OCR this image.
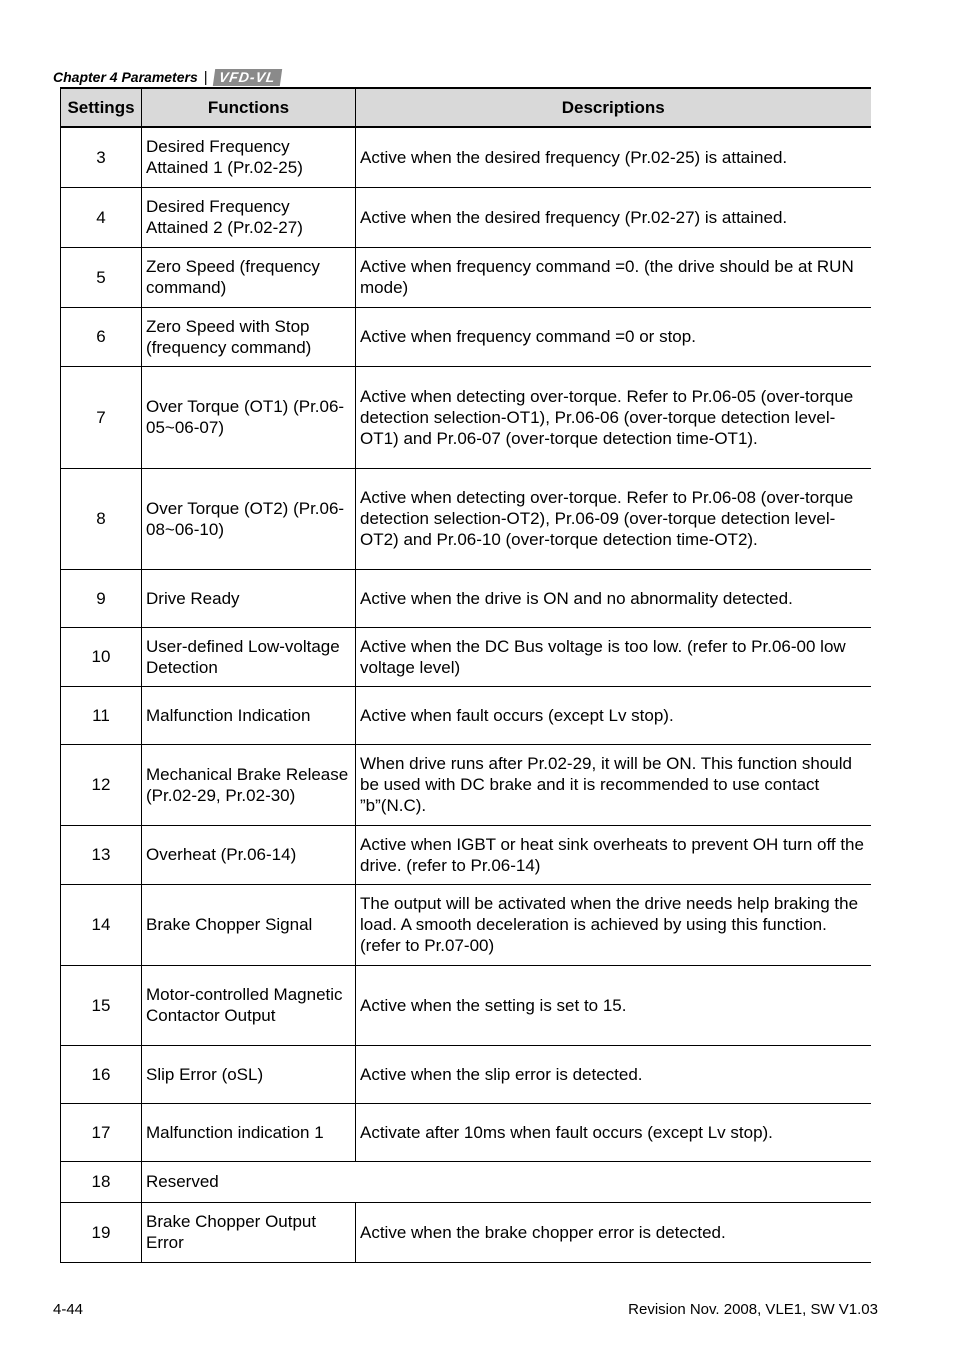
Chapter 4 Parameters | VFD-VL
Settings	Functions	Descriptions
3	Desired Frequency Attained 1 (Pr.02-25)	Active when the desired frequency (Pr.02-25) is attained.
4	Desired Frequency Attained 2 (Pr.02-27)	Active when the desired frequency (Pr.02-27) is attained.
5	Zero Speed (frequency command)	Active when frequency command =0. (the drive should be at RUN mode)
6	Zero Speed with Stop (frequency command)	Active when frequency command =0 or stop.
7	Over Torque (OT1) (Pr.06-05~06-07)	Active when detecting over-torque. Refer to Pr.06-05 (over-torque detection selection-OT1), Pr.06-06 (over-torque detection level-OT1) and Pr.06-07 (over-torque detection time-OT1).
8	Over Torque (OT2) (Pr.06-08~06-10)	Active when detecting over-torque. Refer to Pr.06-08 (over-torque detection selection-OT2), Pr.06-09 (over-torque detection level-OT2) and Pr.06-10 (over-torque detection time-OT2).
9	Drive Ready	Active when the drive is ON and no abnormality detected.
10	User-defined Low-voltage Detection	Active when the DC Bus voltage is too low. (refer to Pr.06-00 low voltage level)
11	Malfunction Indication	Active when fault occurs (except Lv stop).
12	Mechanical Brake Release (Pr.02-29, Pr.02-30)	When drive runs after Pr.02-29, it will be ON. This function should be used with DC brake and it is recommended to use contact ”b”(N.C).
13	Overheat (Pr.06-14)	Active when IGBT or heat sink overheats to prevent OH turn off the drive. (refer to Pr.06-14)
14	Brake Chopper Signal	The output will be activated when the drive needs help braking the load. A smooth deceleration is achieved by using this function. (refer to Pr.07-00)
15	Motor-controlled Magnetic Contactor Output	Active when the setting is set to 15.
16	Slip Error (oSL)	Active when the slip error is detected.
17	Malfunction indication 1	Activate after 10ms when fault occurs (except Lv stop).
18	Reserved	
19	Brake Chopper Output Error	Active when the brake chopper error is detected.
4-44	Revision Nov. 2008, VLE1, SW V1.03
